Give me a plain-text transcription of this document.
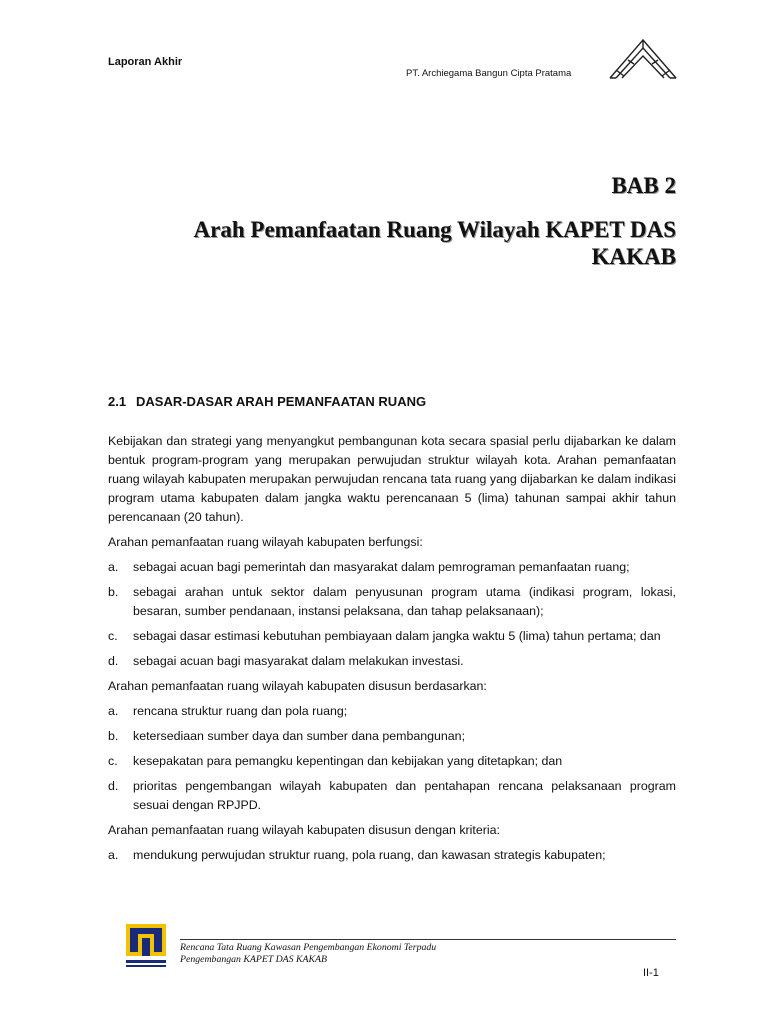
Laporan Akhir
PT. Archiegama Bangun Cipta Pratama
BAB 2
Arah Pemanfaatan Ruang Wilayah KAPET DAS
KAKAB
2.1 DASAR-DASAR ARAH PEMANFAATAN RUANG

Kebijakan dan strategi yang menyangkut pembangunan kota secara spasial perlu dijabarkan ke dalam bentuk program-program yang merupakan perwujudan struktur wilayah kota. Arahan pemanfaatan ruang wilayah kabupaten merupakan perwujudan rencana tata ruang yang dijabarkan ke dalam indikasi program utama kabupaten dalam jangka waktu perencanaan 5 (lima) tahunan sampai akhir tahun perencanaan (20 tahun).

Arahan pemanfaatan ruang wilayah kabupaten berfungsi:

a.	sebagai acuan bagi pemerintah dan masyarakat dalam pemrograman pemanfaatan ruang;
b.	sebagai arahan untuk sektor dalam penyusunan program utama (indikasi program, lokasi, besaran, sumber pendanaan, instansi pelaksana, dan tahap pelaksanaan);
c.	sebagai dasar estimasi kebutuhan pembiayaan dalam jangka waktu 5 (lima) tahun pertama; dan
d.	sebagai acuan bagi masyarakat dalam melakukan investasi.

Arahan pemanfaatan ruang wilayah kabupaten disusun berdasarkan:

a.	rencana struktur ruang dan pola ruang;
b.	ketersediaan sumber daya dan sumber dana pembangunan;
c.	kesepakatan para pemangku kepentingan dan kebijakan yang ditetapkan; dan
d.	prioritas pengembangan wilayah kabupaten dan pentahapan rencana pelaksanaan program sesuai dengan RPJPD.

Arahan pemanfaatan ruang wilayah kabupaten disusun dengan kriteria:

a.	mendukung perwujudan struktur ruang, pola ruang, dan kawasan strategis kabupaten;
Rencana Tata Ruang Kawasan Pengembangan Ekonomi Terpadu
Pengembangan KAPET DAS KAKAB
II-1
